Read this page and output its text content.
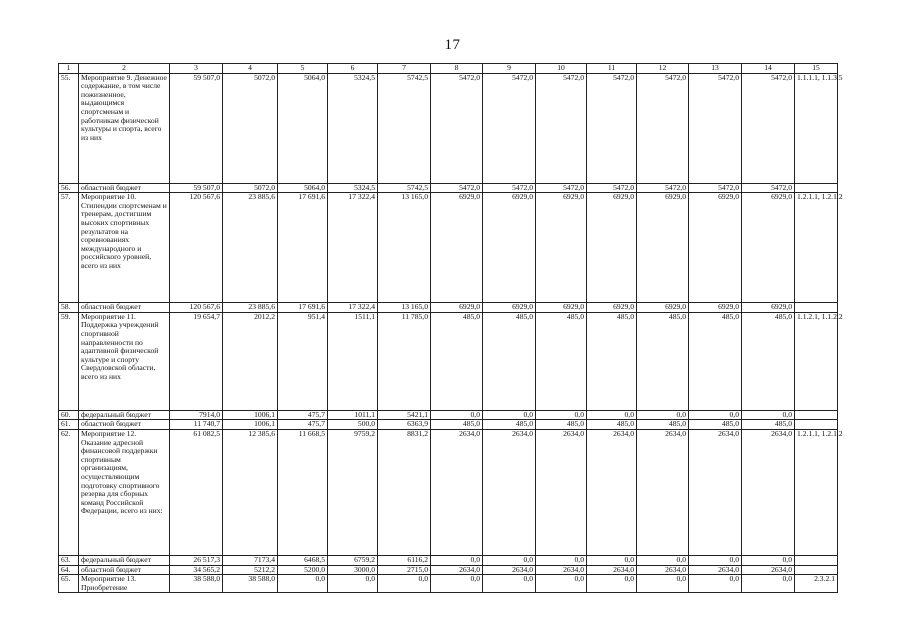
17
1	2	3	4	5	6	7	8	9	10	11	12	13	14	15
55.	Мероприятие 9. Денежное содержание, в том числе пожизненное, выдающимся спортсменам и работникам физической культуры и спорта, всего из них	59 507,0	5072,0	5064,0	5324,5	5742,5	5472,0	5472,0	5472,0	5472,0	5472,0	5472,0	5472,0	1.1.1.1, 1.1.3.5
56.	областной бюджет	59 507,0	5072,0	5064,0	5324,5	5742,5	5472,0	5472,0	5472,0	5472,0	5472,0	5472,0	5472,0	
57.	Мероприятие 10. Стипендии спортсменам и тренерам, достигшим высоких спортивных результатов на соревнованиях международного и российского уровней, всего из них	120 567,6	23 885,6	17 691,6	17 322,4	13 165,0	6929,0	6929,0	6929,0	6929,0	6929,0	6929,0	6929,0	1.2.1.1, 1.2.1.2
58.	областной бюджет	120 567,6	23 885,6	17 691,6	17 322,4	13 165,0	6929,0	6929,0	6929,0	6929,0	6929,0	6929,0	6929,0	
59.	Мероприятие 11. Поддержка учреждений спортивной направленности по адаптивной физической культуре и спорту Свердловской области, всего из них	19 654,7	2012,2	951,4	1511,1	11 785,0	485,0	485,0	485,0	485,0	485,0	485,0	485,0	1.1.2.1, 1.1.2.2
60.	федеральный бюджет	7914,0	1006,1	475,7	1011,1	5421,1	0,0	0,0	0,0	0,0	0,0	0,0	0,0	
61.	областной бюджет	11 740,7	1006,1	475,7	500,0	6363,9	485,0	485,0	485,0	485,0	485,0	485,0	485,0	
62.	Мероприятие 12. Оказание адресной финансовой поддержки спортивным организациям, осуществляющим подготовку спортивного резерва для сборных команд Российской Федерации, всего из них:	61 082,5	12 385,6	11 668,5	9759,2	8831,2	2634,0	2634,0	2634,0	2634,0	2634,0	2634,0	2634,0	1.2.1.1, 1.2.1.2
63.	федеральный бюджет	26 517,3	7173,4	6468,5	6759,2	6116,2	0,0	0,0	0,0	0,0	0,0	0,0	0,0	
64.	областной бюджет	34 565,2	5212,2	5200,0	3000,0	2715,0	2634,0	2634,0	2634,0	2634,0	2634,0	2634,0	2634,0	
65.	Мероприятие 13. Приобретение	38 588,0	38 588,0	0,0	0,0	0,0	0,0	0,0	0,0	0,0	0,0	0,0	0,0	2.3.2.1
